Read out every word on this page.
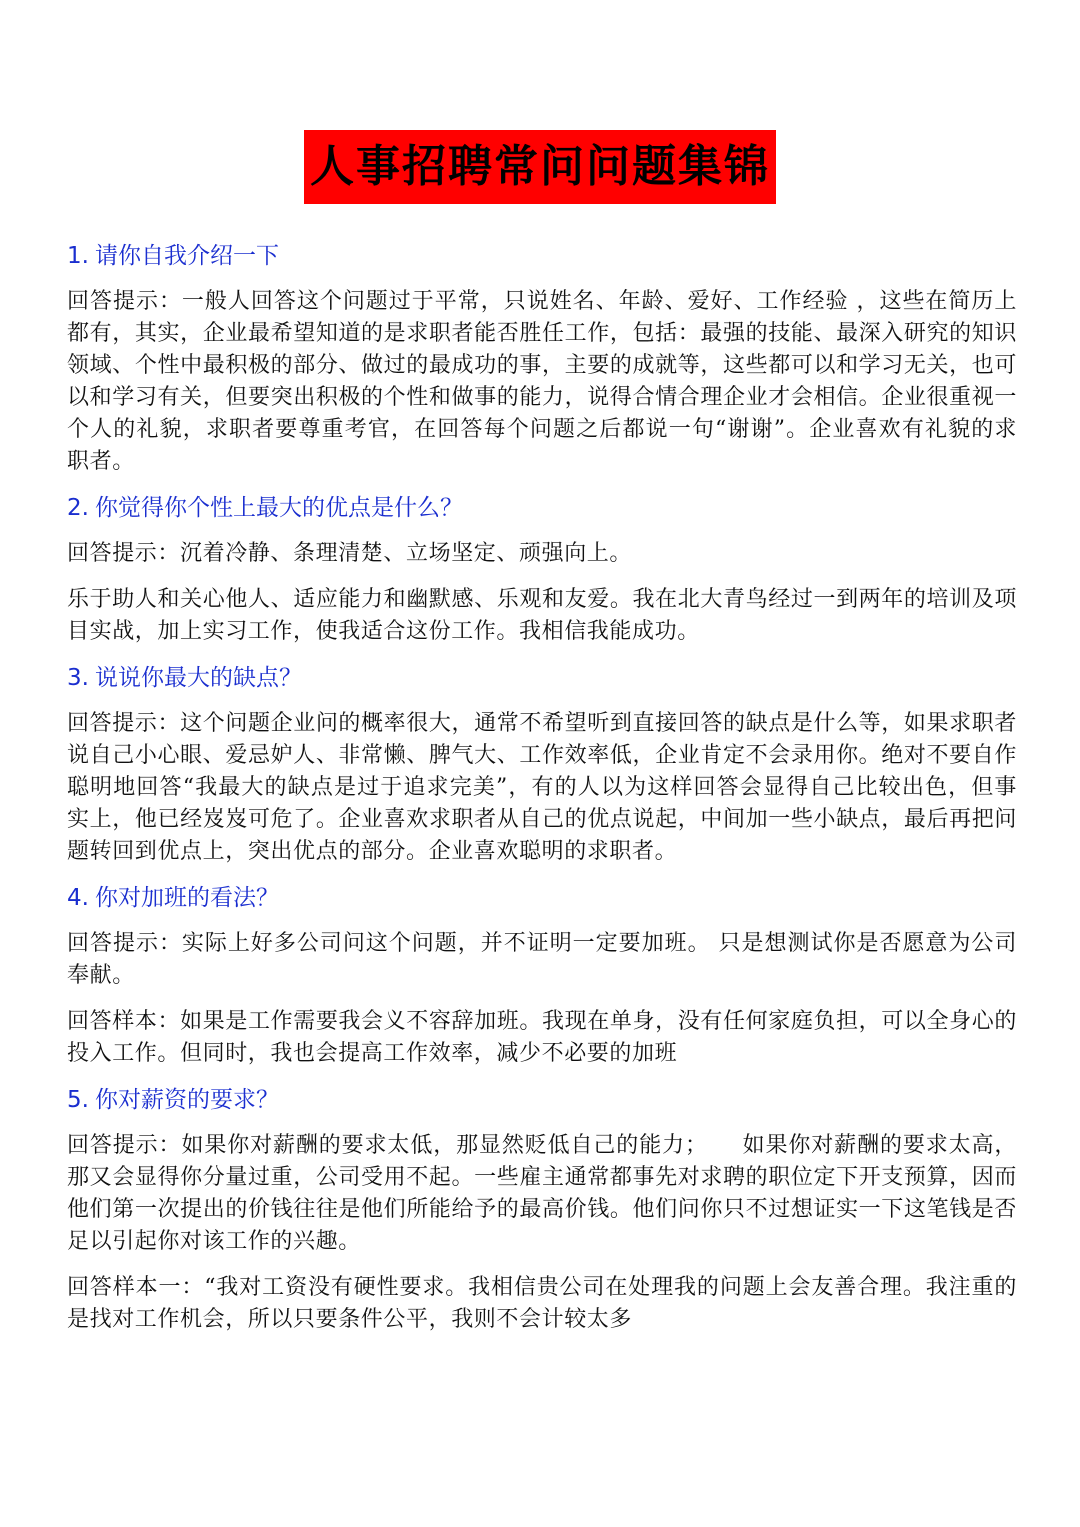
人事招聘常问问题集锦
1. 请你自我介绍一下

回答提示：一般人回答这个问题过于平常，只说姓名、年龄、爱好、工作经验 ，这些在简历上都有，其实，企业最希望知道的是求职者能否胜任工作，包括：最强的技能、最深入研究的知识领域、个性中最积极的部分、做过的最成功的事，主要的成就等，这些都可以和学习无关，也可以和学习有关，但要突出积极的个性和做事的能力，说得合情合理企业才会相信。企业很重视一个人的礼貌，求职者要尊重考官，在回答每个问题之后都说一句“谢谢”。企业喜欢有礼貌的求职者。

2. 你觉得你个性上最大的优点是什么？

回答提示：沉着冷静、条理清楚、立场坚定、顽强向上。

乐于助人和关心他人、适应能力和幽默感、乐观和友爱。我在北大青鸟经过一到两年的培训及项目实战，加上实习工作，使我适合这份工作。我相信我能成功。

3. 说说你最大的缺点？

回答提示：这个问题企业问的概率很大，通常不希望听到直接回答的缺点是什么等，如果求职者说自己小心眼、爱忌妒人、非常懒、脾气大、工作效率低，企业肯定不会录用你。绝对不要自作聪明地回答“我最大的缺点是过于追求完美”，有的人以为这样回答会显得自己比较出色，但事实上，他已经岌岌可危了。企业喜欢求职者从自己的优点说起，中间加一些小缺点，最后再把问题转回到优点上，突出优点的部分。企业喜欢聪明的求职者。

4. 你对加班的看法？

回答提示：实际上好多公司问这个问题，并不证明一定要加班。 只是想测试你是否愿意为公司奉献。

回答样本：如果是工作需要我会义不容辞加班。我现在单身，没有任何家庭负担，可以全身心的投入工作。但同时，我也会提高工作效率，减少不必要的加班

5. 你对薪资的要求？

回答提示：如果你对薪酬的要求太低，那显然贬低自己的能力；　　如果你对薪酬的要求太高，那又会显得你分量过重，公司受用不起。一些雇主通常都事先对求聘的职位定下开支预算，因而他们第一次提出的价钱往往是他们所能给予的最高价钱。他们问你只不过想证实一下这笔钱是否足以引起你对该工作的兴趣。

回答样本一：“我对工资没有硬性要求。我相信贵公司在处理我的问题上会友善合理。我注重的是找对工作机会，所以只要条件公平，我则不会计较太多
